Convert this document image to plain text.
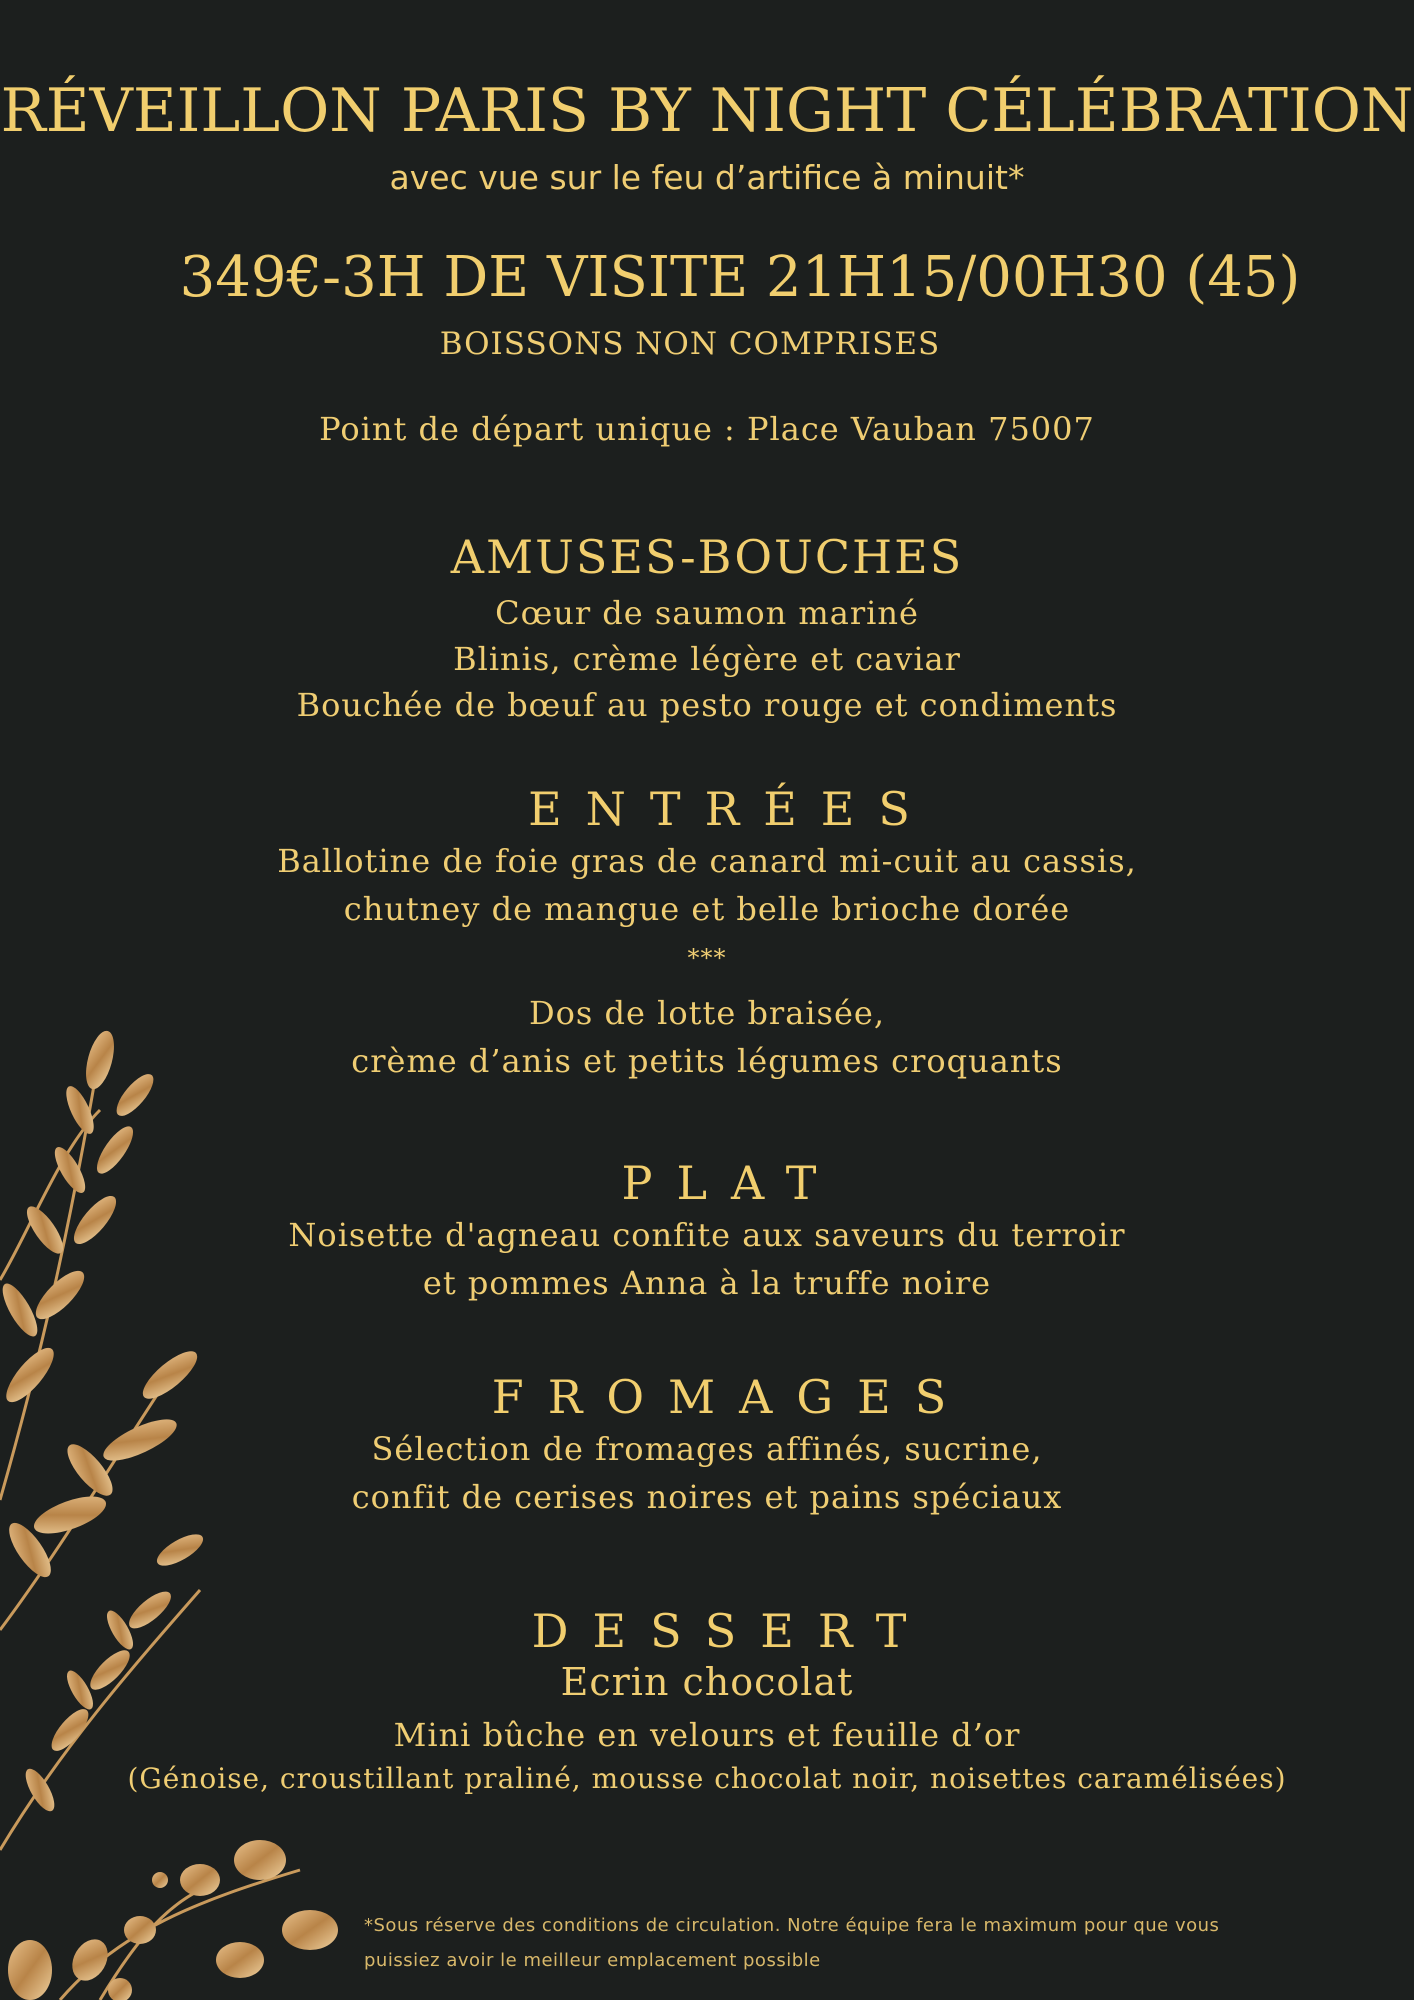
RÉVEILLON PARIS BY NIGHT CÉLÉBRATION
avec vue sur le feu d’artifice à minuit*
349€-3H DE VISITE 21H15/00H30 (45)
BOISSONS NON COMPRISES
Point de départ unique : Place Vauban 75007
AMUSES-BOUCHES
Cœur de saumon mariné
Blinis, crème légère et caviar
Bouchée de bœuf au pesto rouge et condiments
ENTRÉES
Ballotine de foie gras de canard mi-cuit au cassis,
chutney de mangue et belle brioche dorée
***
Dos de lotte braisée,
crème d’anis et petits légumes croquants
PLAT
Noisette d'agneau confite aux saveurs du terroir
et pommes Anna à la truffe noire
FROMAGES
Sélection de fromages affinés, sucrine,
confit de cerises noires et pains spéciaux
DESSERT
Ecrin chocolat
Mini bûche en velours et feuille d’or
(Génoise, croustillant praliné, mousse chocolat noir, noisettes caramélisées)
*Sous réserve des conditions de circulation. Notre équipe fera le maximum pour que vous
puissiez avoir le meilleur emplacement possible
